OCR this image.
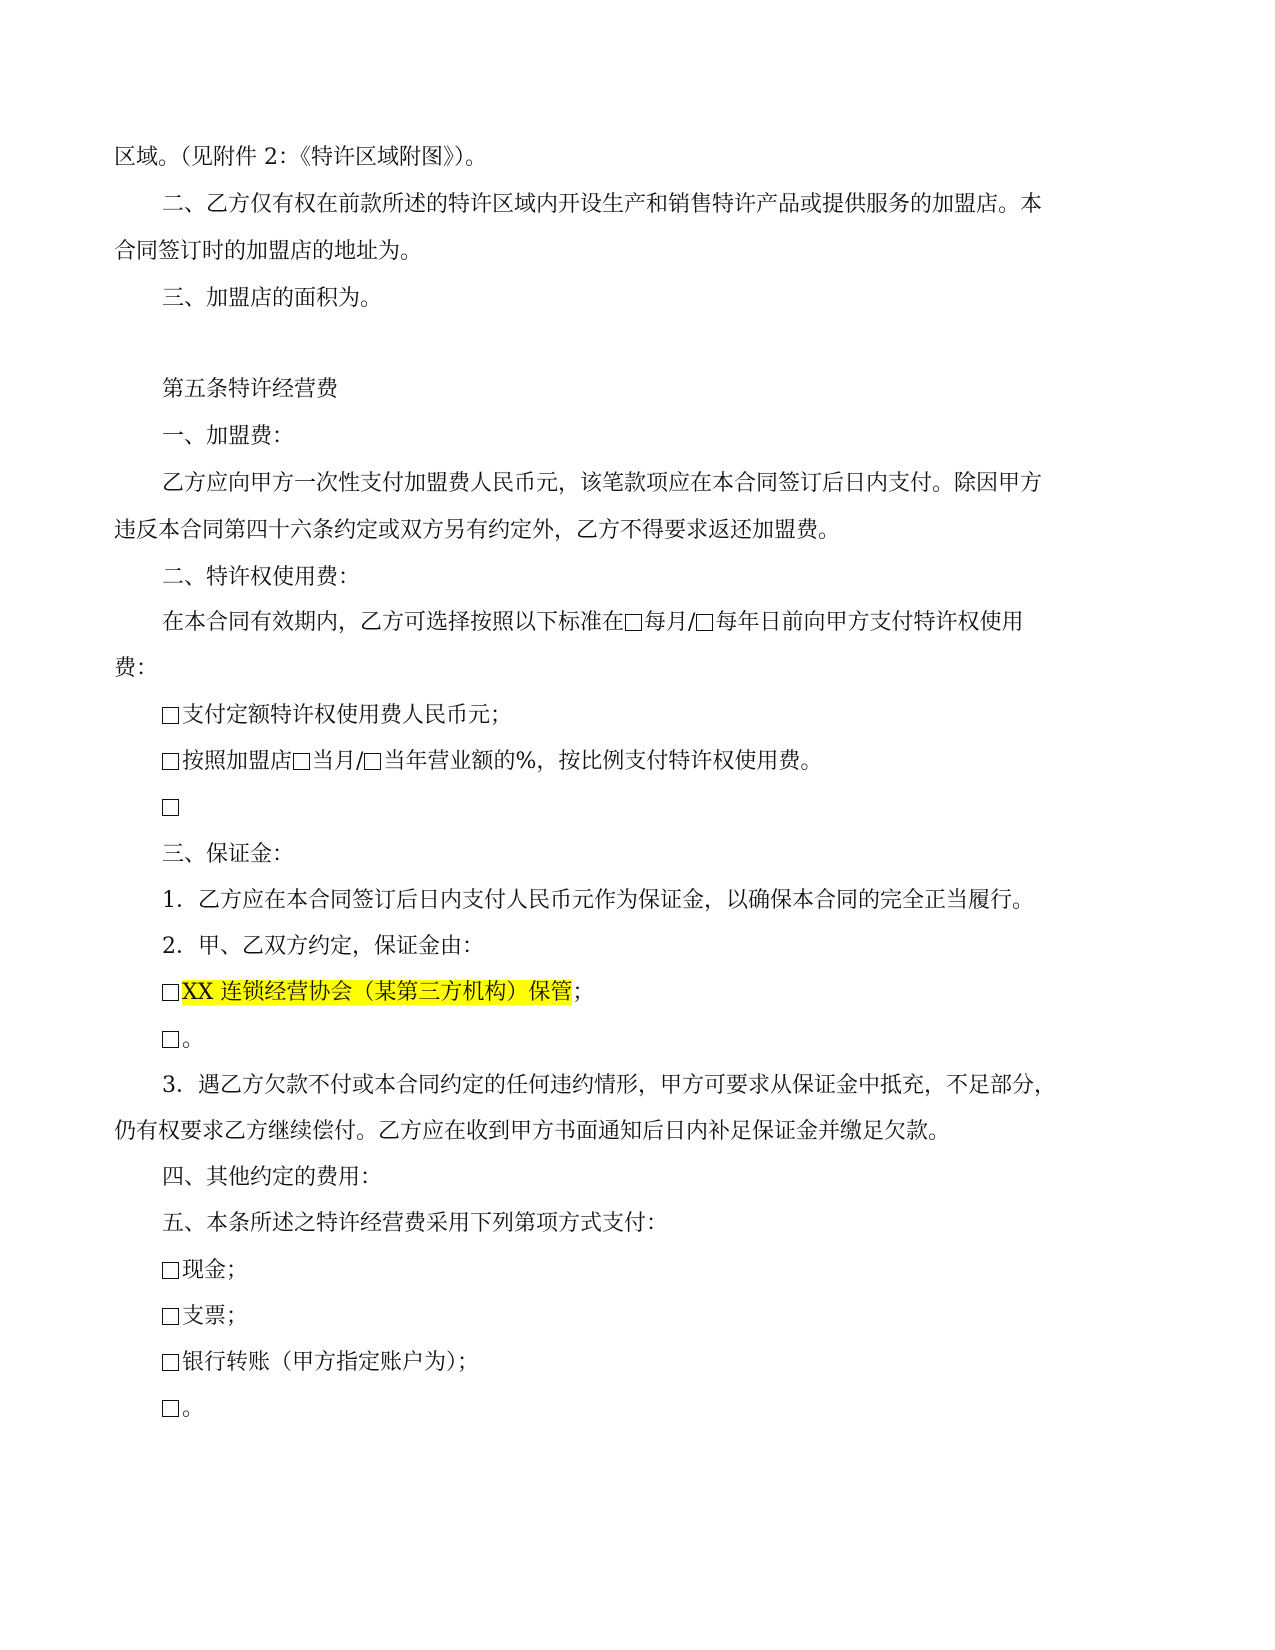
区域。（见附件 2：《特许区域附图》）。
二、乙方仅有权在前款所述的特许区域内开设生产和销售特许产品或提供服务的加盟店。本
合同签订时的加盟店的地址为。
三、加盟店的面积为。
第五条特许经营费
一、加盟费：
乙方应向甲方一次性支付加盟费人民币元，该笔款项应在本合同签订后日内支付。除因甲方
违反本合同第四十六条约定或双方另有约定外，乙方不得要求返还加盟费。
二、特许权使用费：
在本合同有效期内，乙方可选择按照以下标准在 每月/ 每年日前向甲方支付特许权使用
费：
支付定额特许权使用费人民币元；
按照加盟店 当月/ 当年营业额的%，按比例支付特许权使用费。
三、保证金：
1．乙方应在本合同签订后日内支付人民币元作为保证金，以确保本合同的完全正当履行。
2．甲、乙双方约定，保证金由：
XX 连锁经营协会（某第三方机构）保管；
。
3．遇乙方欠款不付或本合同约定的任何违约情形，甲方可要求从保证金中抵充，不足部分，
仍有权要求乙方继续偿付。乙方应在收到甲方书面通知后日内补足保证金并缴足欠款。
四、其他约定的费用：
五、本条所述之特许经营费采用下列第项方式支付：
现金；
支票；
银行转账（甲方指定账户为）；
。
